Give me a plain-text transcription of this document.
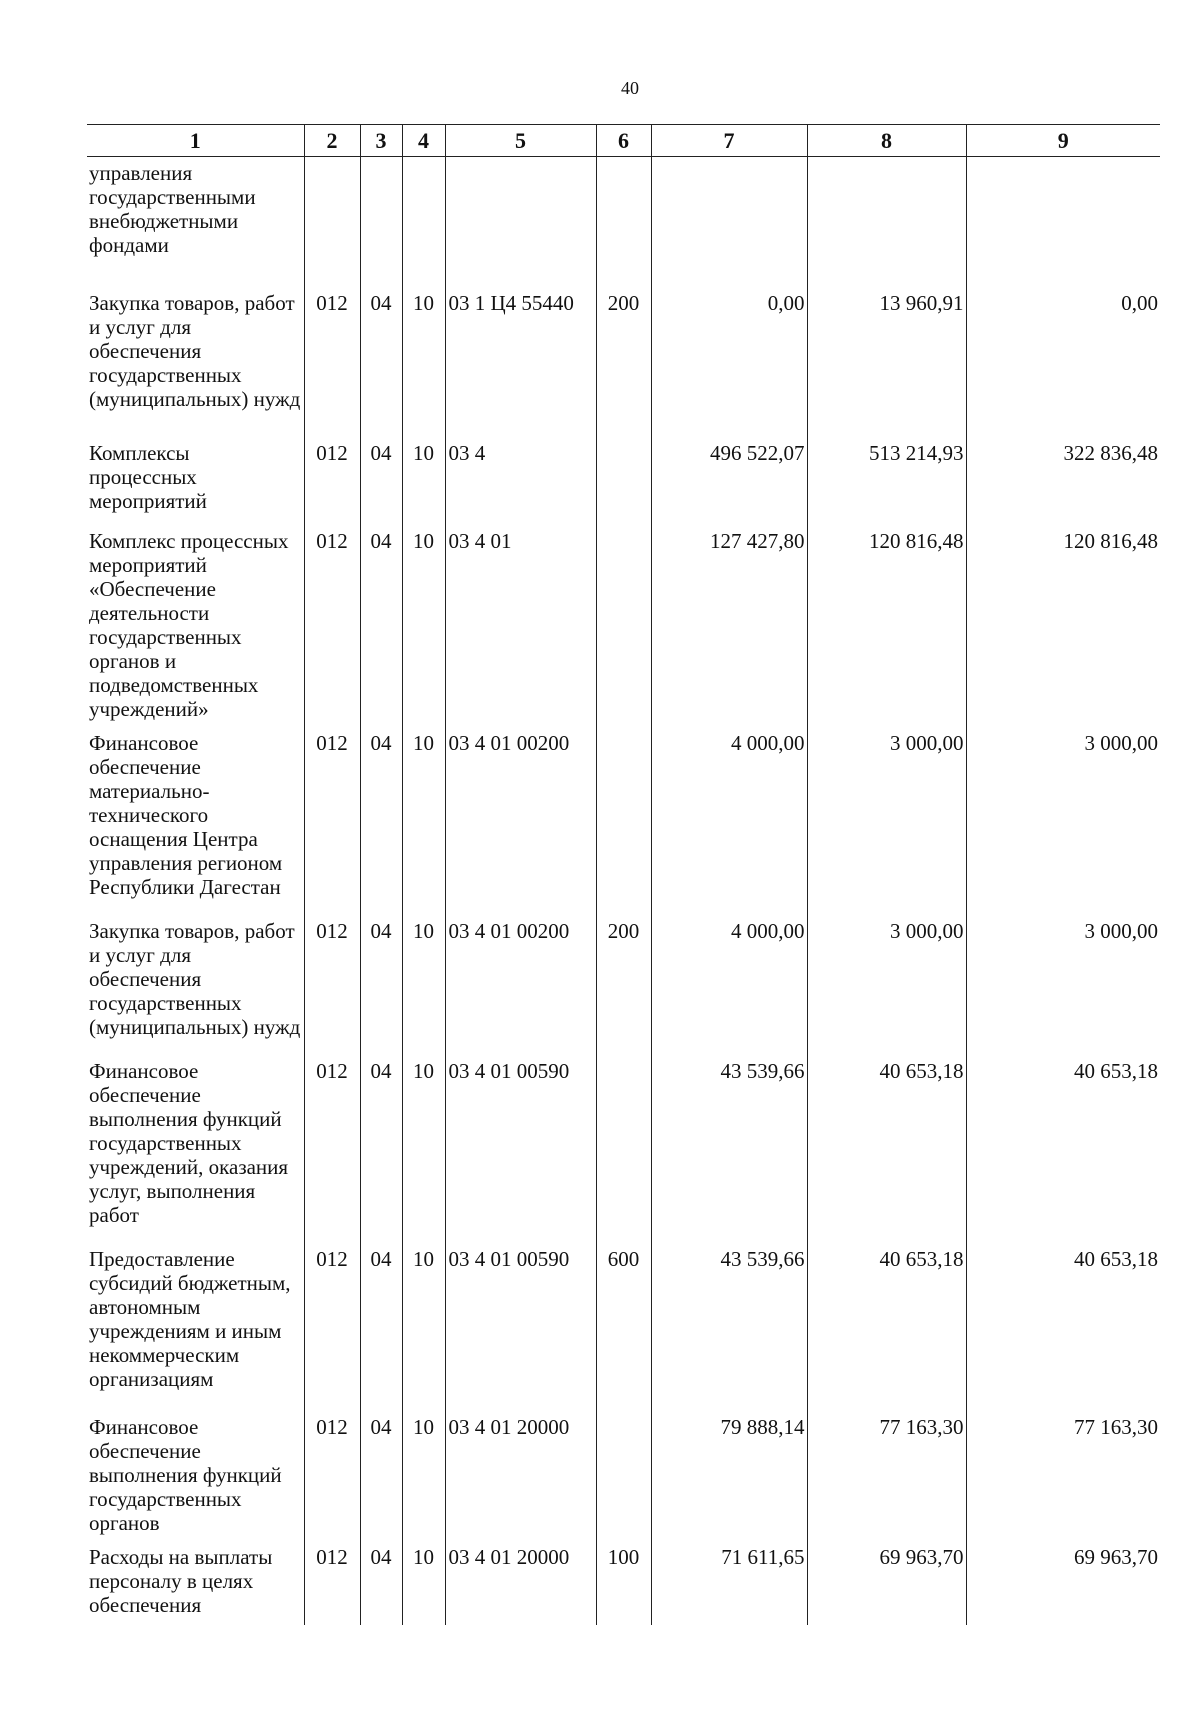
40
1	2	3	4	5	6	7	8	9
управления государственными внебюджетными фондами								
Закупка товаров, работ и услуг для обеспечения государственных (муниципальных) нужд	012	04	10	03 1 Ц4 55440	200	0,00	13 960,91	0,00
Комплексы процессных мероприятий	012	04	10	03 4		496 522,07	513 214,93	322 836,48
Комплекс процессных мероприятий «Обеспечение деятельности государственных органов и подведомственных учреждений»	012	04	10	03 4 01		127 427,80	120 816,48	120 816,48
Финансовое обеспечение материально-технического оснащения Центра управления регионом Республики Дагестан	012	04	10	03 4 01 00200		4 000,00	3 000,00	3 000,00
Закупка товаров, работ и услуг для обеспечения государственных (муниципальных) нужд	012	04	10	03 4 01 00200	200	4 000,00	3 000,00	3 000,00
Финансовое обеспечение выполнения функций государственных учреждений, оказания услуг, выполнения работ	012	04	10	03 4 01 00590		43 539,66	40 653,18	40 653,18
Предоставление субсидий бюджетным, автономным учреждениям и иным некоммерческим организациям	012	04	10	03 4 01 00590	600	43 539,66	40 653,18	40 653,18
Финансовое обеспечение выполнения функций государственных органов	012	04	10	03 4 01 20000		79 888,14	77 163,30	77 163,30
Расходы на выплаты персоналу в целях обеспечения	012	04	10	03 4 01 20000	100	71 611,65	69 963,70	69 963,70
